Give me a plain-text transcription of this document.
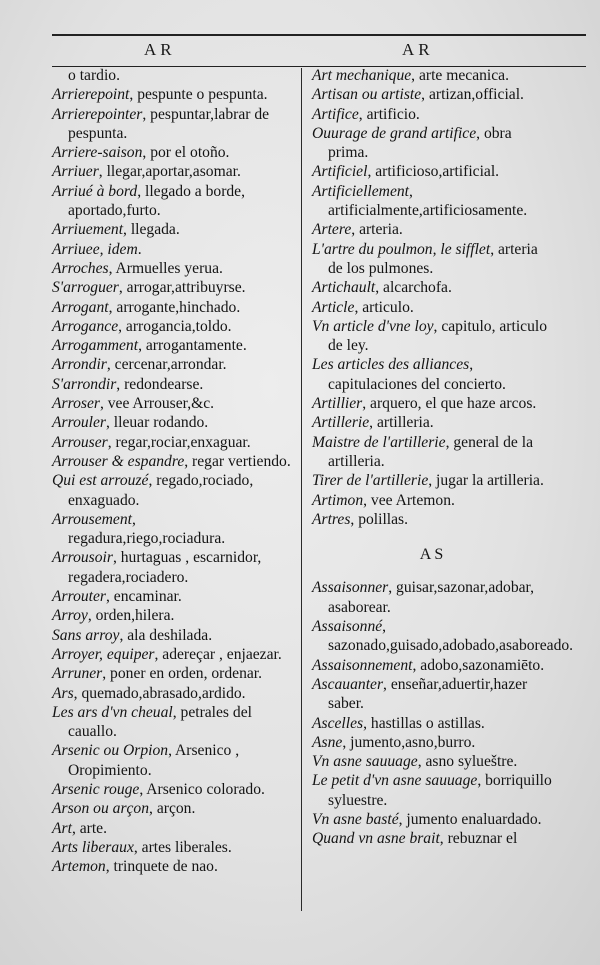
AR	AR

o tardio.

Arrierepoint, pespunte o pespunta.

Arrierepointer, pespuntar,labrar de pespunta.

Arriere-saison, por el otoño.

Arriuer, llegar,aportar,asomar.

Arriué à bord, llegado a borde, aportado,furto.

Arriuement, llegada.

Arriuee, idem.

Arroches, Armuelles yerua.

S'arroguer, arrogar,attribuyrse.

Arrogant, arrogante,hinchado.

Arrogance, arrogancia,toldo.

Arrogamment, arrogantamente.

Arrondir, cercenar,arrondar.

S'arrondir, redondearse.

Arroser, vee Arrouser,&c.

Arrouler, lleuar rodando.

Arrouser, regar,rociar,enxaguar.

Arrouser & espandre, regar vertiendo.

Qui est arrouzé, regado,rociado, enxaguado.

Arrousement, regadura,riego,rociadura.

Arrousoir, hurtaguas , escarnidor, regadera,rociadero.

Arrouter, encaminar.

Arroy, orden,hilera.

Sans arroy, ala deshilada.

Arroyer, equiper, adereçar , enjaezar.

Arruner, poner en orden, ordenar.

Ars, quemado,abrasado,ardido.

Les ars d'vn cheual, petrales del cauallo.

Arsenic ou Orpion, Arsenico , Oropimiento.

Arsenic rouge, Arsenico colorado.

Arson ou arçon, arçon.

Art, arte.

Arts liberaux, artes liberales.

Artemon, trinquete de nao.

Art mechanique, arte mecanica.

Artisan ou artiste, artizan,official.

Artifice, artificio.

Ouurage de grand artifice, obra prima.

Artificiel, artificioso,artificial.

Artificiellement, artificialmente,artificiosamente.

Artere, arteria.

L'artre du poulmon, le sifflet, arteria de los pulmones.

Artichault, alcarchofa.

Article, articulo.

Vn article d'vne loy, capitulo, articulo de ley.

Les articles des alliances, capitulaciones del concierto.

Artillier, arquero, el que haze arcos.

Artillerie, artilleria.

Maistre de l'artillerie, general de la artilleria.

Tirer de l'artillerie, jugar la artilleria.

Artimon, vee Artemon.

Artres, polillas.

AS

Assaisonner, guisar,sazonar,adobar, asaborear.

Assaisonné, sazonado,guisado,adobado,asaboreado.

Assaisonnement, adobo,sazonamiēto.

Ascauanter, enseñar,aduertir,hazer saber.

Ascelles, hastillas o astillas.

Asne, jumento,asno,burro.

Vn asne sauuage, asno sylueštre.

Le petit d'vn asne sauuage, borriquillo syluestre.

Vn asne basté, jumento enaluardado.

Quand vn asne brait, rebuznar el
